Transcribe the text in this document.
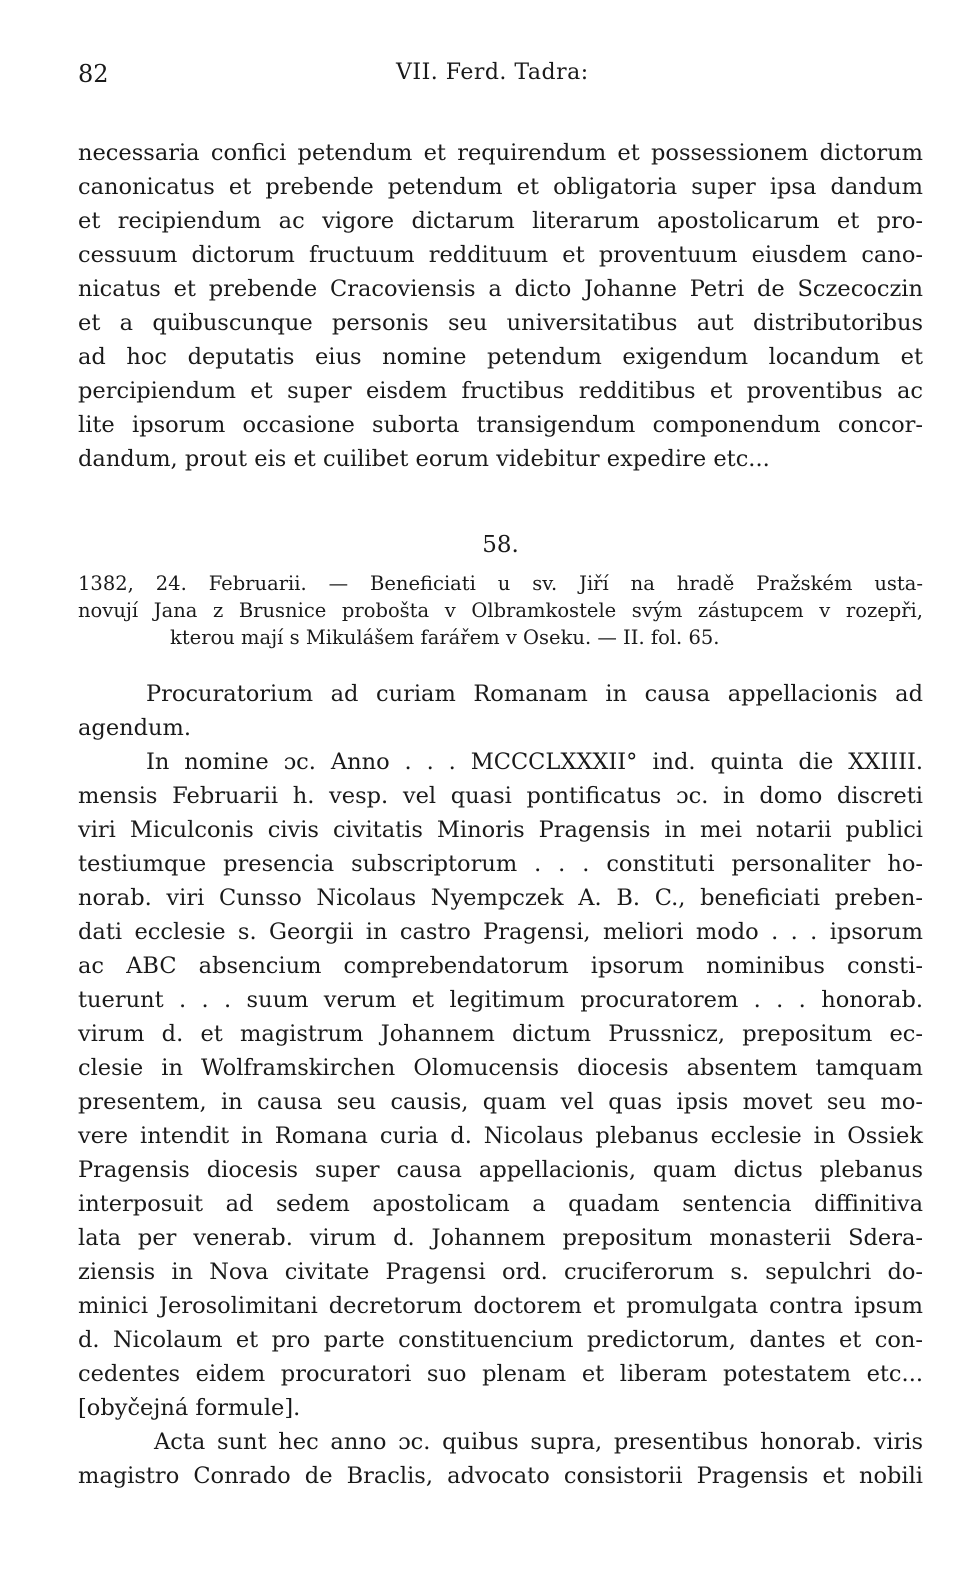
82	VII. Ferd. Tadra:
necessaria confici petendum et requirendum et possessionem dictorum
canonicatus et prebende petendum et obligatoria super ipsa dandum
et recipiendum ac vigore dictarum literarum apostolicarum et pro-
cessuum dictorum fructuum reddituum et proventuum eiusdem cano-
nicatus et prebende Cracoviensis a dicto Johanne Petri de Sczecoczin
et a quibuscunque personis seu universitatibus aut distributoribus
ad hoc deputatis eius nomine petendum exigendum locandum et
percipiendum et super eisdem fructibus redditibus et proventibus ac
lite ipsorum occasione suborta transigendum componendum concor-
dandum, prout eis et cuilibet eorum videbitur expedire etc...
58.
1382, 24. Februarii. — Beneficiati u sv. Jiří na hradě Pražském usta-
novují Jana z Brusnice probošta v Olbramkostele svým zástupcem v rozepři,
kterou mají s Mikulášem farářem v Oseku. — II. fol. 65.
Procuratorium ad curiam Romanam in causa appellacionis ad
agendum.
In nomine ɔc. Anno . . . MCCCLXXXII° ind. quinta die XXIIII.
mensis Februarii h. vesp. vel quasi pontificatus ɔc. in domo discreti
viri Miculconis civis civitatis Minoris Pragensis in mei notarii publici
testiumque presencia subscriptorum . . . constituti personaliter ho-
norab. viri Cunsso Nicolaus Nyempczek A. B. C., beneficiati preben-
dati ecclesie s. Georgii in castro Pragensi, meliori modo . . . ipsorum
ac ABC absencium comprebendatorum ipsorum nominibus consti-
tuerunt . . . suum verum et legitimum procuratorem . . . honorab.
virum d. et magistrum Johannem dictum Prussnicz, prepositum ec-
clesie in Wolframskirchen Olomucensis diocesis absentem tamquam
presentem, in causa seu causis, quam vel quas ipsis movet seu mo-
vere intendit in Romana curia d. Nicolaus plebanus ecclesie in Ossiek
Pragensis diocesis super causa appellacionis, quam dictus plebanus
interposuit ad sedem apostolicam a quadam sentencia diffinitiva
lata per venerab. virum d. Johannem prepositum monasterii Sdera-
ziensis in Nova civitate Pragensi ord. cruciferorum s. sepulchri do-
minici Jerosolimitani decretorum doctorem et promulgata contra ipsum
d. Nicolaum et pro parte constituencium predictorum, dantes et con-
cedentes eidem procuratori suo plenam et liberam potestatem etc...
[obyčejná formule].
Acta sunt hec anno ɔc. quibus supra, presentibus honorab. viris
magistro Conrado de Braclis, advocato consistorii Pragensis et nobili
